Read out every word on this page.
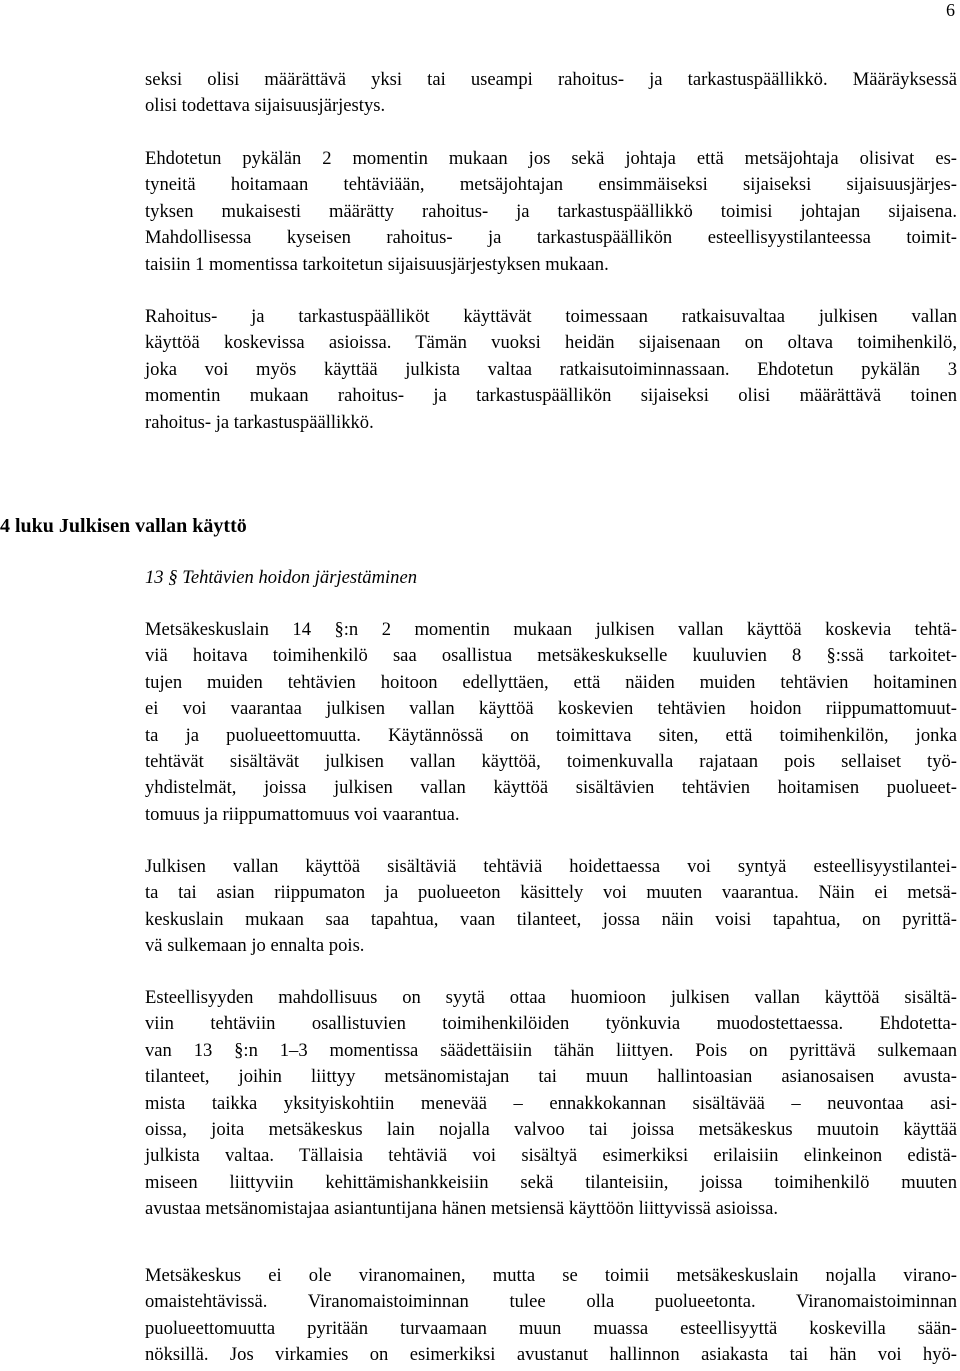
6

seksi olisi määrättävä yksi tai useampi rahoitus- ja tarkastuspäällikkö. Määräyksessä
olisi todettava sijaisuusjärjestys.

Ehdotetun pykälän 2 momentin mukaan jos sekä johtaja että metsäjohtaja olisivat es-
tyneitä hoitamaan tehtäviään, metsäjohtajan ensimmäiseksi sijaiseksi sijaisuusjärjes-
tyksen mukaisesti määrätty rahoitus- ja tarkastuspäällikkö toimisi johtajan sijaisena.
Mahdollisessa kyseisen rahoitus- ja tarkastuspäällikön esteellisyystilanteessa toimit-
taisiin 1 momentissa tarkoitetun sijaisuusjärjestyksen mukaan.

Rahoitus- ja tarkastuspäälliköt käyttävät toimessaan ratkaisuvaltaa julkisen vallan
käyttöä koskevissa asioissa. Tämän vuoksi heidän sijaisenaan on oltava toimihenkilö,
joka voi myös käyttää julkista valtaa ratkaisutoiminnassaan. Ehdotetun pykälän 3
momentin mukaan rahoitus- ja tarkastuspäällikön sijaiseksi olisi määrättävä toinen
rahoitus- ja tarkastuspäällikkö.

4 luku Julkisen vallan käyttö
13 § Tehtävien hoidon järjestäminen

Metsäkeskuslain 14 §:n 2 momentin mukaan julkisen vallan käyttöä koskevia tehtä-
viä hoitava toimihenkilö saa osallistua metsäkeskukselle kuuluvien 8 §:ssä tarkoitet-
tujen muiden tehtävien hoitoon edellyttäen, että näiden muiden tehtävien hoitaminen
ei voi vaarantaa julkisen vallan käyttöä koskevien tehtävien hoidon riippumattomuut-
ta ja puolueettomuutta. Käytännössä on toimittava siten, että toimihenkilön, jonka
tehtävät sisältävät julkisen vallan käyttöä, toimenkuvalla rajataan pois sellaiset työ-
yhdistelmät, joissa julkisen vallan käyttöä sisältävien tehtävien hoitamisen puolueet-
tomuus ja riippumattomuus voi vaarantua.

Julkisen vallan käyttöä sisältäviä tehtäviä hoidettaessa voi syntyä esteellisyystilantei-
ta tai asian riippumaton ja puolueeton käsittely voi muuten vaarantua. Näin ei metsä-
keskuslain mukaan saa tapahtua, vaan tilanteet, jossa näin voisi tapahtua, on pyrittä-
vä sulkemaan jo ennalta pois.

Esteellisyyden mahdollisuus on syytä ottaa huomioon julkisen vallan käyttöä sisältä-
viin tehtäviin osallistuvien toimihenkilöiden työnkuvia muodostettaessa. Ehdotetta-
van 13 §:n 1–3 momentissa säädettäisiin tähän liittyen. Pois on pyrittävä sulkemaan
tilanteet, joihin liittyy metsänomistajan tai muun hallintoasian asianosaisen avusta-
mista taikka yksityiskohtiin menevää – ennakkokannan sisältävää – neuvontaa asi-
oissa, joita metsäkeskus lain nojalla valvoo tai joissa metsäkeskus muutoin käyttää
julkista valtaa. Tällaisia tehtäviä voi sisältyä esimerkiksi erilaisiin elinkeinon edistä-
miseen liittyviin kehittämishankkeisiin sekä tilanteisiin, joissa toimihenkilö muuten
avustaa metsänomistajaa asiantuntijana hänen metsiensä käyttöön liittyvissä asioissa.

Metsäkeskus ei ole viranomainen, mutta se toimii metsäkeskuslain nojalla virano-
omaistehtävissä. Viranomaistoiminnan tulee olla puolueetonta. Viranomaistoiminnan
puolueettomuutta pyritään turvaamaan muun muassa esteellisyyttä koskevilla sään-
nöksillä. Jos virkamies on esimerkiksi avustanut hallinnon asiakasta tai hän voi hyö-
